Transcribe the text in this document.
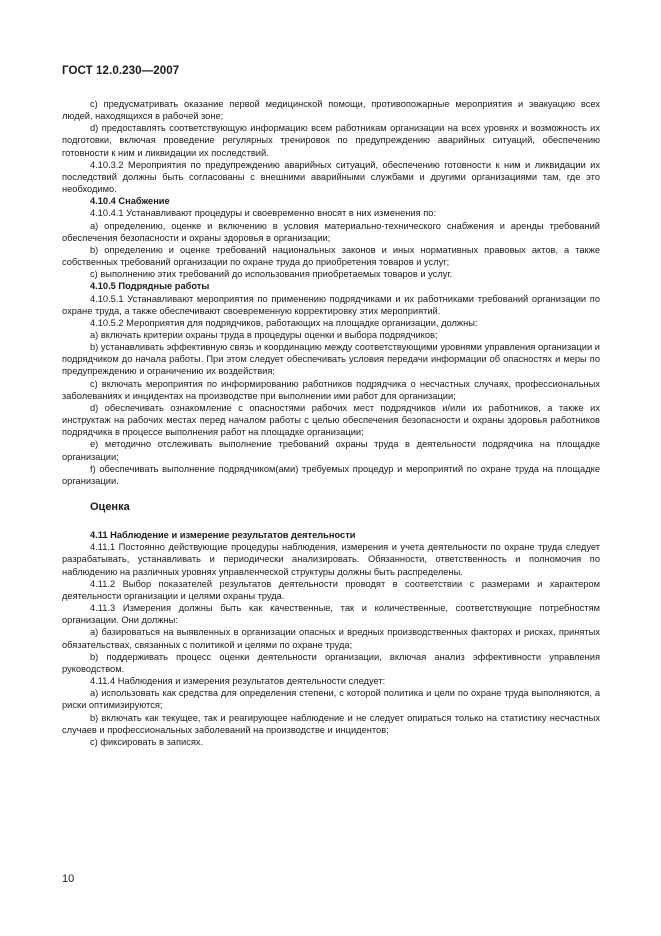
ГОСТ 12.0.230—2007

c) предусматривать оказание первой медицинской помощи, противопожарные мероприятия и эвакуацию всех людей, находящихся в рабочей зоне;

d) предоставлять соответствующую информацию всем работникам организации на всех уровнях и возможность их подготовки, включая проведение регулярных тренировок по предупреждению аварийных ситуаций, обеспечению готовности к ним и ликвидации их последствий.

4.10.3.2 Мероприятия по предупреждению аварийных ситуаций, обеспечению готовности к ним и ликвидации их последствий должны быть согласованы с внешними аварийными службами и другими организациями там, где это необходимо.

4.10.4 Снабжение

4.10.4.1 Устанавливают процедуры и своевременно вносят в них изменения по:

a) определению, оценке и включению в условия материально-технического снабжения и аренды требований обеспечения безопасности и охраны здоровья в организации;

b) определению и оценке требований национальных законов и иных нормативных правовых актов, а также собственных требований организации по охране труда до приобретения товаров и услуг;

c) выполнению этих требований до использования приобретаемых товаров и услуг.

4.10.5 Подрядные работы

4.10.5.1 Устанавливают мероприятия по применению подрядчиками и их работниками требований организации по охране труда, а также обеспечивают своевременную корректировку этих мероприятий.

4.10.5.2 Мероприятия для подрядчиков, работающих на площадке организации, должны:

a) включать критерии охраны труда в процедуры оценки и выбора подрядчиков;

b) устанавливать эффективную связь и координацию между соответствующими уровнями управления организации и подрядчиком до начала работы. При этом следует обеспечивать условия передачи информации об опасностях и меры по предупреждению и ограничению их воздействия;

c) включать мероприятия по информированию работников подрядчика о несчастных случаях, профессиональных заболеваниях и инцидентах на производстве при выполнении ими работ для организации;

d) обеспечивать ознакомление с опасностями рабочих мест подрядчиков и/или их работников, а также их инструктаж на рабочих местах перед началом работы с целью обеспечения безопасности и охраны здоровья работников подрядчика в процессе выполнения работ на площадке организации;

e) методично отслеживать выполнение требований охраны труда в деятельности подрядчика на площадке организации;

f) обеспечивать выполнение подрядчиком(ами) требуемых процедур и мероприятий по охране труда на площадке организации.

Оценка

4.11 Наблюдение и измерение результатов деятельности

4.11.1 Постоянно действующие процедуры наблюдения, измерения и учета деятельности по охране труда следует разрабатывать, устанавливать и периодически анализировать. Обязанности, ответственность и полномочия по наблюдению на различных уровнях управленческой структуры должны быть распределены.

4.11.2 Выбор показателей результатов деятельности проводят в соответствии с размерами и характером деятельности организации и целями охраны труда.

4.11.3 Измерения должны быть как качественные, так и количественные, соответствующие потребностям организации. Они должны:

a) базироваться на выявленных в организации опасных и вредных производственных факторах и рисках, принятых обязательствах, связанных с политикой и целями по охране труда;

b) поддерживать процесс оценки деятельности организации, включая анализ эффективности управления руководством.

4.11.4 Наблюдения и измерения результатов деятельности следует:

a) использовать как средства для определения степени, с которой политика и цели по охране труда выполняются, а риски оптимизируются;

b) включать как текущее, так и реагирующее наблюдение и не следует опираться только на статистику несчастных случаев и профессиональных заболеваний на производстве и инцидентов;

c) фиксировать в записях.

10
